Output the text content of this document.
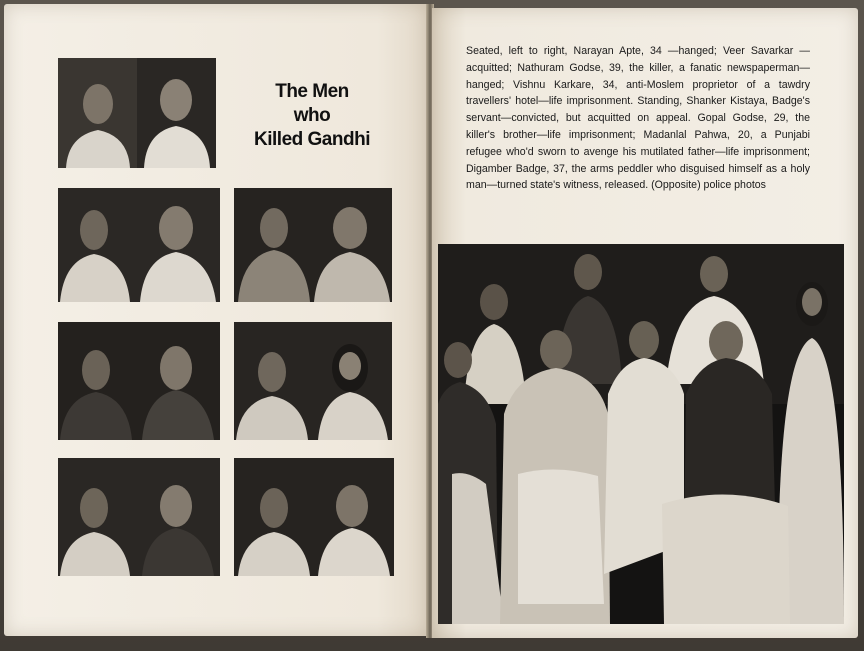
The Men
who
Killed Gandhi
Seated, left to right, Narayan Apte, 34 —hanged; Veer Savarkar —acquitted; Nathuram Godse, 39, the killer, a fanatic newspaperman—hanged; Vishnu Karkare, 34, anti-Moslem proprietor of a tawdry travellers' hotel—life imprisonment. Standing, Shanker Kistaya, Badge's servant—convicted, but acquitted on appeal. Gopal Godse, 29, the killer's brother—life imprisonment; Madanlal Pahwa, 20, a Punjabi refugee who'd sworn to avenge his mutilated father—life imprisonment; Digamber Badge, 37, the arms peddler who disguised himself as a holy man—turned state's witness, released. (Opposite) police photos
